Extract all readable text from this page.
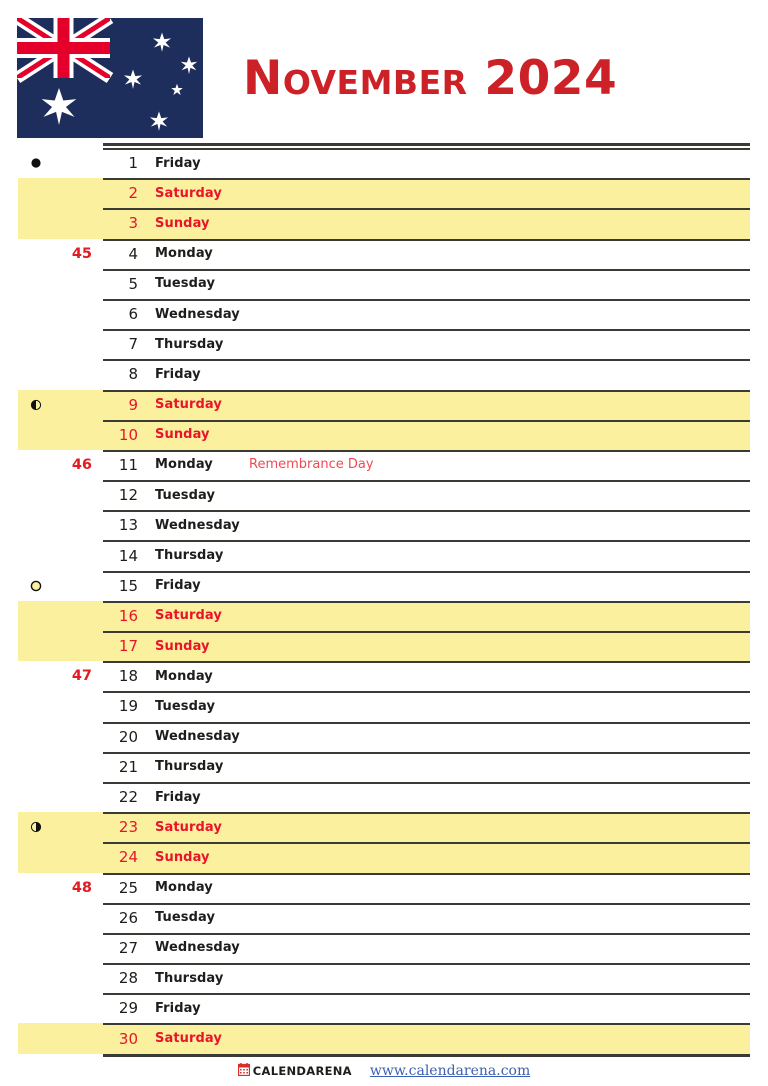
November 2024
1 Friday
2 Saturday
3 Sunday
45	4 Monday
5 Tuesday
6 Wednesday
7 Thursday
8 Friday
9 Saturday
10 Sunday
46	11 Monday	Remembrance Day
12 Tuesday
13 Wednesday
14 Thursday
15 Friday
16 Saturday
17 Sunday
47	18 Monday
19 Tuesday
20 Wednesday
21 Thursday
22 Friday
23 Saturday
24 Sunday
48	25 Monday
26 Tuesday
27 Wednesday
28 Thursday
29 Friday
30 Saturday
CALENDARENA www.calendarena.com
